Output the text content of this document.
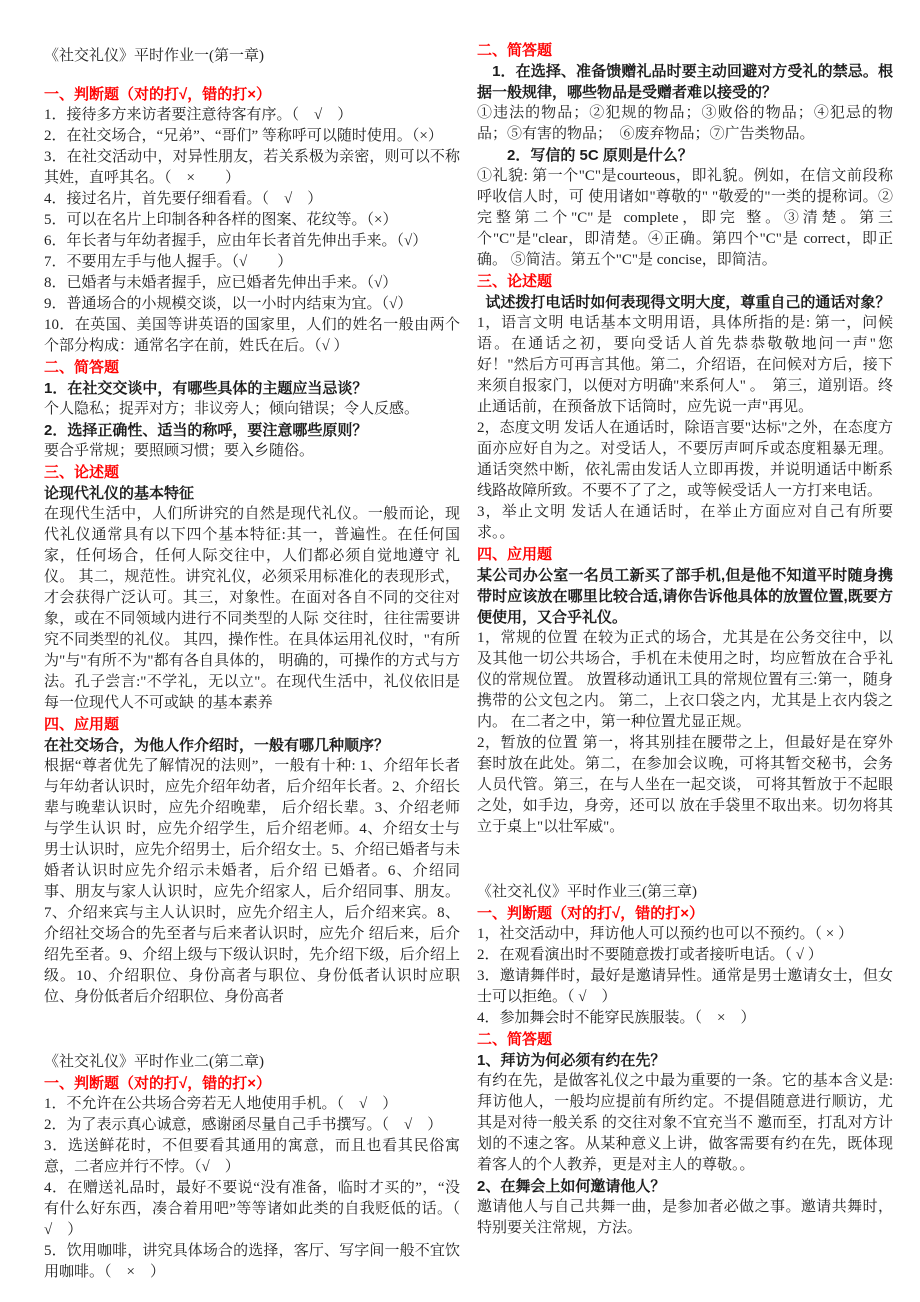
《社交礼仪》平时作业一(第一章)
一、判断题（对的打√，错的打×）
1．接待多方来访者要注意待客有序。（　√　）
2．在社交场合，“兄弟”、“哥们” 等称呼可以随时使用。（×）
3．在社交活动中，对异性朋友，若关系极为亲密，则可以不称其姓，直呼其名。（　×　　）
4．接过名片，首先要仔细看看。（　√　）
5．可以在名片上印制各种各样的图案、花纹等。（×）
6．年长者与年幼者握手，应由年长者首先伸出手来。（√）
7．不要用左手与他人握手。（√　　）
8．已婚者与未婚者握手，应已婚者先伸出手来。（√）
9．普通场合的小规模交谈，以一小时内结束为宜。（√）
10．在英国、美国等讲英语的国家里，人们的姓名一般由两个个部分构成：通常名字在前，姓氏在后。（√ ）
二、简答题
1．在社交交谈中，有哪些具体的主题应当忌谈？
个人隐私；捉弄对方；非议旁人；倾向错误；令人反感。
2．选择正确性、适当的称呼，要注意哪些原则？
要合乎常规；要照顾习惯；要入乡随俗。
三、论述题
论现代礼仪的基本特征
在现代生活中，人们所讲究的自然是现代礼仪。一般而论，现代礼仪通常具有以下四个基本特征:其一，普遍性。在任何国家，任何场合，任何人际交往中，人们都必须自觉地遵守 礼仪。 其二，规范性。讲究礼仪，必须采用标准化的表现形式，才会获得广泛认可。其三，对象性。在面对各自不同的交往对象，或在不同领域内进行不同类型的人际 交往时，往往需要讲究不同类型的礼仪。 其四，操作性。在具体运用礼仪时，"有所为"与"有所不为"都有各自具体的， 明确的，可操作的方式与方法。孔子尝言:"不学礼，无以立"。在现代生活中，礼仪依旧是每一位现代人不可或缺 的基本素养
四、应用题
在社交场合，为他人作介绍时，一般有哪几种顺序？
根据“尊者优先了解情况的法则”，一般有十种: 1、介绍年长者与年幼者认识时，应先介绍年幼者，后介绍年长者。2、介绍长辈与晚辈认识时，应先介绍晚辈， 后介绍长辈。3、介绍老师与学生认识 时，应先介绍学生，后介绍老师。4、介绍女士与男士认识时，应先介绍男士，后介绍女士。5、介绍已婚者与未婚者认识时应先介绍示未婚者，后介绍 已婚者。6、介绍同事、朋友与家人认识时，应先介绍家人，后介绍同事、朋友。7、介绍来宾与主人认识时，应先介绍主人，后介绍来宾。8、介绍社交场合的先至者与后来者认识时，应先介 绍后来，后介绍先至者。9、介绍上级与下级认识时，先介绍下级，后介绍上级。10、介绍职位、身份高者与职位、身份低者认识时应职位、身份低者后介绍职位、身份高者
《社交礼仪》平时作业二(第二章)
一、判断题（对的打√，错的打×）
1．不允许在公共场合旁若无人地使用手机。（　√　）
2．为了表示真心诚意，感谢函尽量自己手书撰写。（　√　）
3．选送鲜花时，不但要看其通用的寓意，而且也看其民俗寓意，二者应并行不悖。（√　）
4．在赠送礼品时，最好不要说“没有准备，临时才买的”，“没有什么好东西，凑合着用吧”等等诸如此类的自我贬低的话。（　√　）
5．饮用咖啡，讲究具体场合的选择，客厅、写字间一般不宜饮用咖啡。（　×　）
二、简答题
　1．在选择、准备馈赠礼品时要主动回避对方受礼的禁忌。根据一般规律，哪些物品是受赠者难以接受的？
①违法的物品；②犯规的物品；③败俗的物品；④犯忌的物品；⑤有害的物品；　⑥废弃物品；⑦广告类物品。
　　2．写信的 5C 原则是什么？
①礼貌: 第一个"C"是courteous，即礼貌。例如，在信文前段称呼收信人时，可 使用诸如"尊敬的" "敬爱的"一类的提称词。②完整第二个"C"是 complete，即完 整。③清楚。第三个"C"是"clear，即清楚。④正确。第四个"C"是 correct，即正确。 ⑤简洁。第五个"C"是 concise，即简洁。
三、论述题
试述拨打电话时如何表现得文明大度，尊重自己的通话对象？
1，语言文明 电话基本文明用语，具体所指的是: 第一，问候语。在通话之初，要向受话人首先恭恭敬敬地问一声"您好！"然后方可再言其他。第二，介绍语，在问候对方后，接下来须自报家门，以便对方明确"来系何人" 。　第三，道别语。终止通话前，在预备放下话筒时，应先说一声"再见。
2，态度文明 发话人在通话时，除语言要"达标"之外，在态度方面亦应好自为之。对受话人，不要厉声呵斥或态度粗暴无理。通话突然中断，依礼需由发话人立即再拨，并说明通话中断系线路故障所致。不要不了了之，或等候受话人一方打来电话。
3，举止文明 发话人在通话时，在举止方面应对自己有所要求。。
四、应用题
某公司办公室一名员工新买了部手机,但是他不知道平时随身携带时应该放在哪里比较合适,请你告诉他具体的放置位置,既要方便使用，又合乎礼仪。
1，常规的位置 在较为正式的场合，尤其是在公务交往中，以及其他一切公共场合，手机在未使用之时，均应暂放在合乎礼仪的常规位置。 放置移动通讯工具的常规位置有三:第一，随身携带的公文包之内。 第二，上衣口袋之内，尤其是上衣内袋之内。 在二者之中，第一种位置尤显正规。
2，暂放的位置 第一，将其别挂在腰带之上，但最好是在穿外套时放在此处。第二，在参加会议晚，可将其暂交秘书，会务人员代管。第三，在与人坐在一起交谈， 可将其暂放于不起眼之处，如手边，身旁，还可以 放在手袋里不取出来。切勿将其立于桌上"以壮军威"。
《社交礼仪》平时作业三(第三章)
一、判断题（对的打√，错的打×）
1，社交活动中，拜访他人可以预约也可以不预约。（ × ）
2．在观看演出时不要随意拨打或者接听电话。（ √ ）
3．邀请舞伴时，最好是邀请异性。通常是男士邀请女士，但女士可以拒绝。（ √　）
4．参加舞会时不能穿民族服装。（　×　）
二、简答题
1、拜访为何必须有约在先？
有约在先，是做客礼仪之中最为重要的一条。它的基本含义是:拜访他人，一般均应提前有所约定。不提倡随意进行顺访，尤其是对待一般关系 的交往对象不宜充当不 邀而至，打乱对方计划的不速之客。从某种意义上讲，做客需要有约在先，既体现着客人的个人教养，更是对主人的尊敬。。
2、在舞会上如何邀请他人？
邀请他人与自己共舞一曲，是参加者必做之事。邀请共舞时，特别要关注常规，方法。
